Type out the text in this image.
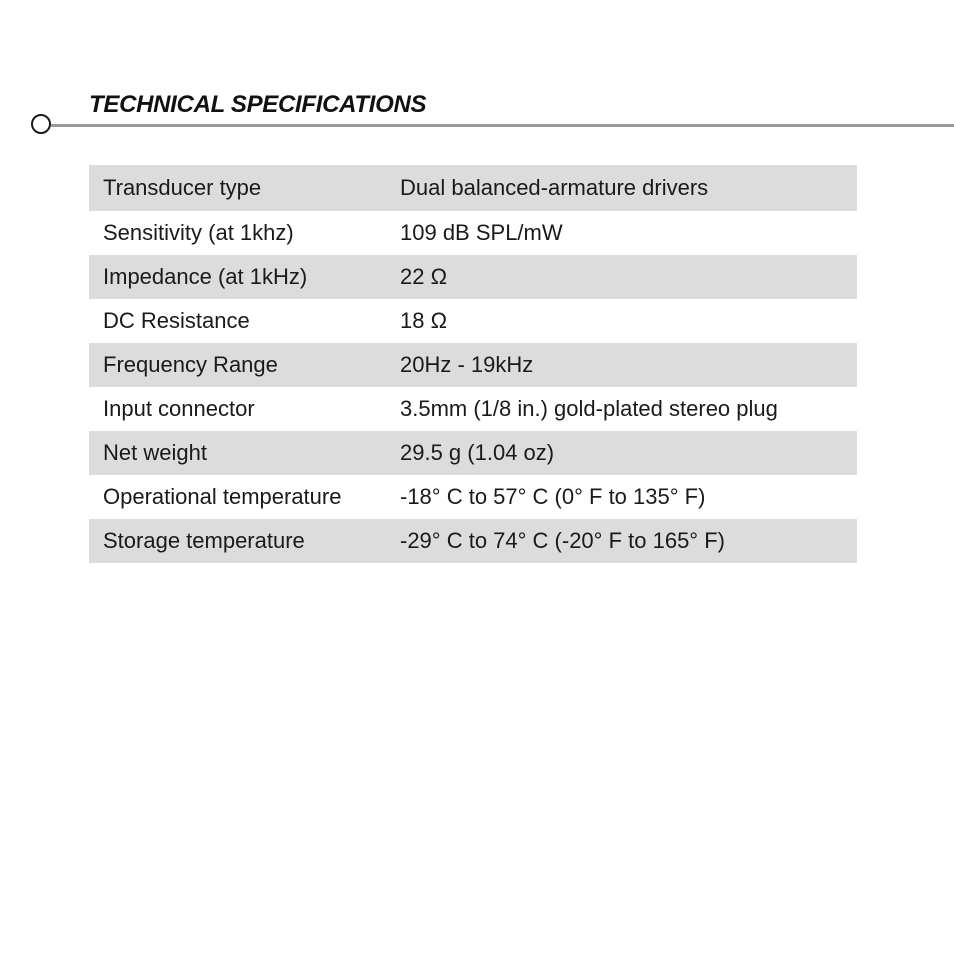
TECHNICAL SPECIFICATIONS
Transducer type	Dual balanced-armature drivers
Sensitivity (at 1khz)	109 dB SPL/mW
Impedance (at 1kHz)	22 Ω
DC Resistance	18 Ω
Frequency Range	20Hz - 19kHz
Input connector	3.5mm (1/8 in.) gold-plated stereo plug
Net weight	29.5 g (1.04 oz)
Operational temperature	-18° C to 57° C (0° F to 135° F)
Storage temperature	-29° C to 74° C (-20° F to 165° F)
